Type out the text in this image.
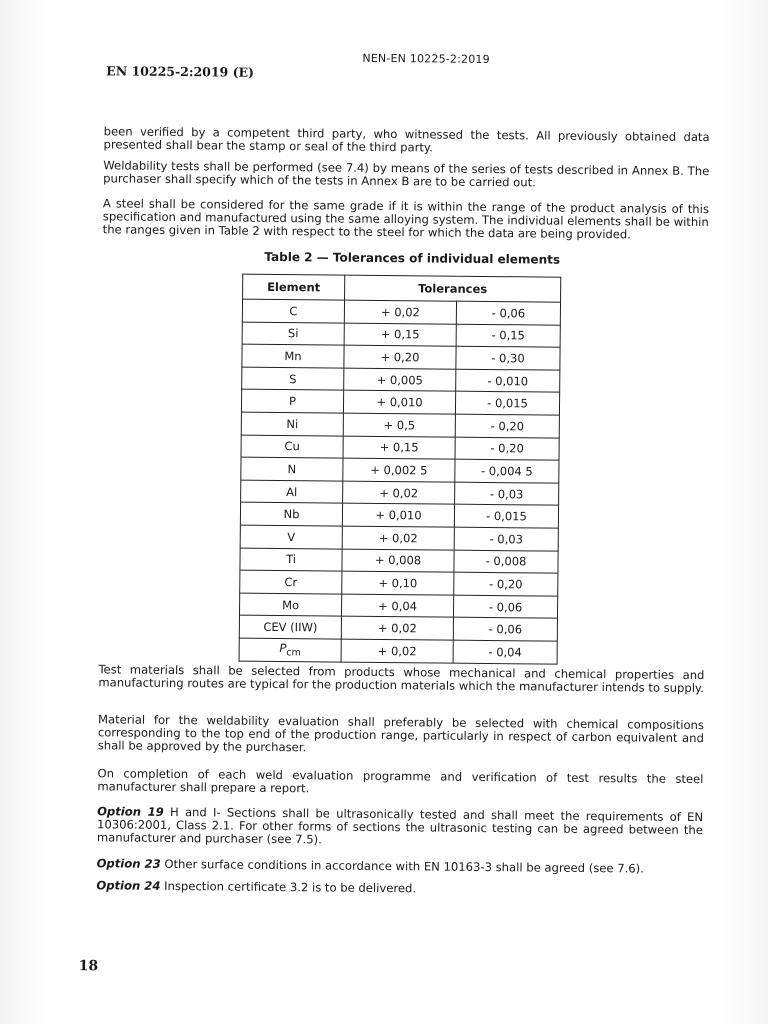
NEN-EN 10225-2:2019
EN 10225-2:2019 (E)

been verified by a competent third party, who witnessed the tests. All previously obtained data presented shall bear the stamp or seal of the third party.

Weldability tests shall be performed (see 7.4) by means of the series of tests described in Annex B. The purchaser shall specify which of the tests in Annex B are to be carried out.

A steel shall be considered for the same grade if it is within the range of the product analysis of this specification and manufactured using the same alloying system. The individual elements shall be within the ranges given in Table 2 with respect to the steel for which the data are being provided.

Table 2 — Tolerances of individual elements
Element	Tolerances	
C	+ 0,02	- 0,06
Si	+ 0,15	- 0,15
Mn	+ 0,20	- 0,30
S	+ 0,005	- 0,010
P	+ 0,010	- 0,015
Ni	+ 0,5	- 0,20
Cu	+ 0,15	- 0,20
N	+ 0,002 5	- 0,004 5
Al	+ 0,02	- 0,03
Nb	+ 0,010	- 0,015
V	+ 0,02	- 0,03
Ti	+ 0,008	- 0,008
Cr	+ 0,10	- 0,20
Mo	+ 0,04	- 0,06
CEV (IIW)	+ 0,02	- 0,06
$P_{cm}$	+ 0,02	- 0,04

Test materials shall be selected from products whose mechanical and chemical properties and manufacturing routes are typical for the production materials which the manufacturer intends to supply.

Material for the weldability evaluation shall preferably be selected with chemical compositions corresponding to the top end of the production range, particularly in respect of carbon equivalent and shall be approved by the purchaser.

On completion of each weld evaluation programme and verification of test results the steel manufacturer shall prepare a report.

Option 19 H and I- Sections shall be ultrasonically tested and shall meet the requirements of EN 10306:2001, Class 2.1. For other forms of sections the ultrasonic testing can be agreed between the manufacturer and purchaser (see 7.5).

Option 23 Other surface conditions in accordance with EN 10163-3 shall be agreed (see 7.6).

Option 24 Inspection certificate 3.2 is to be delivered.

18
